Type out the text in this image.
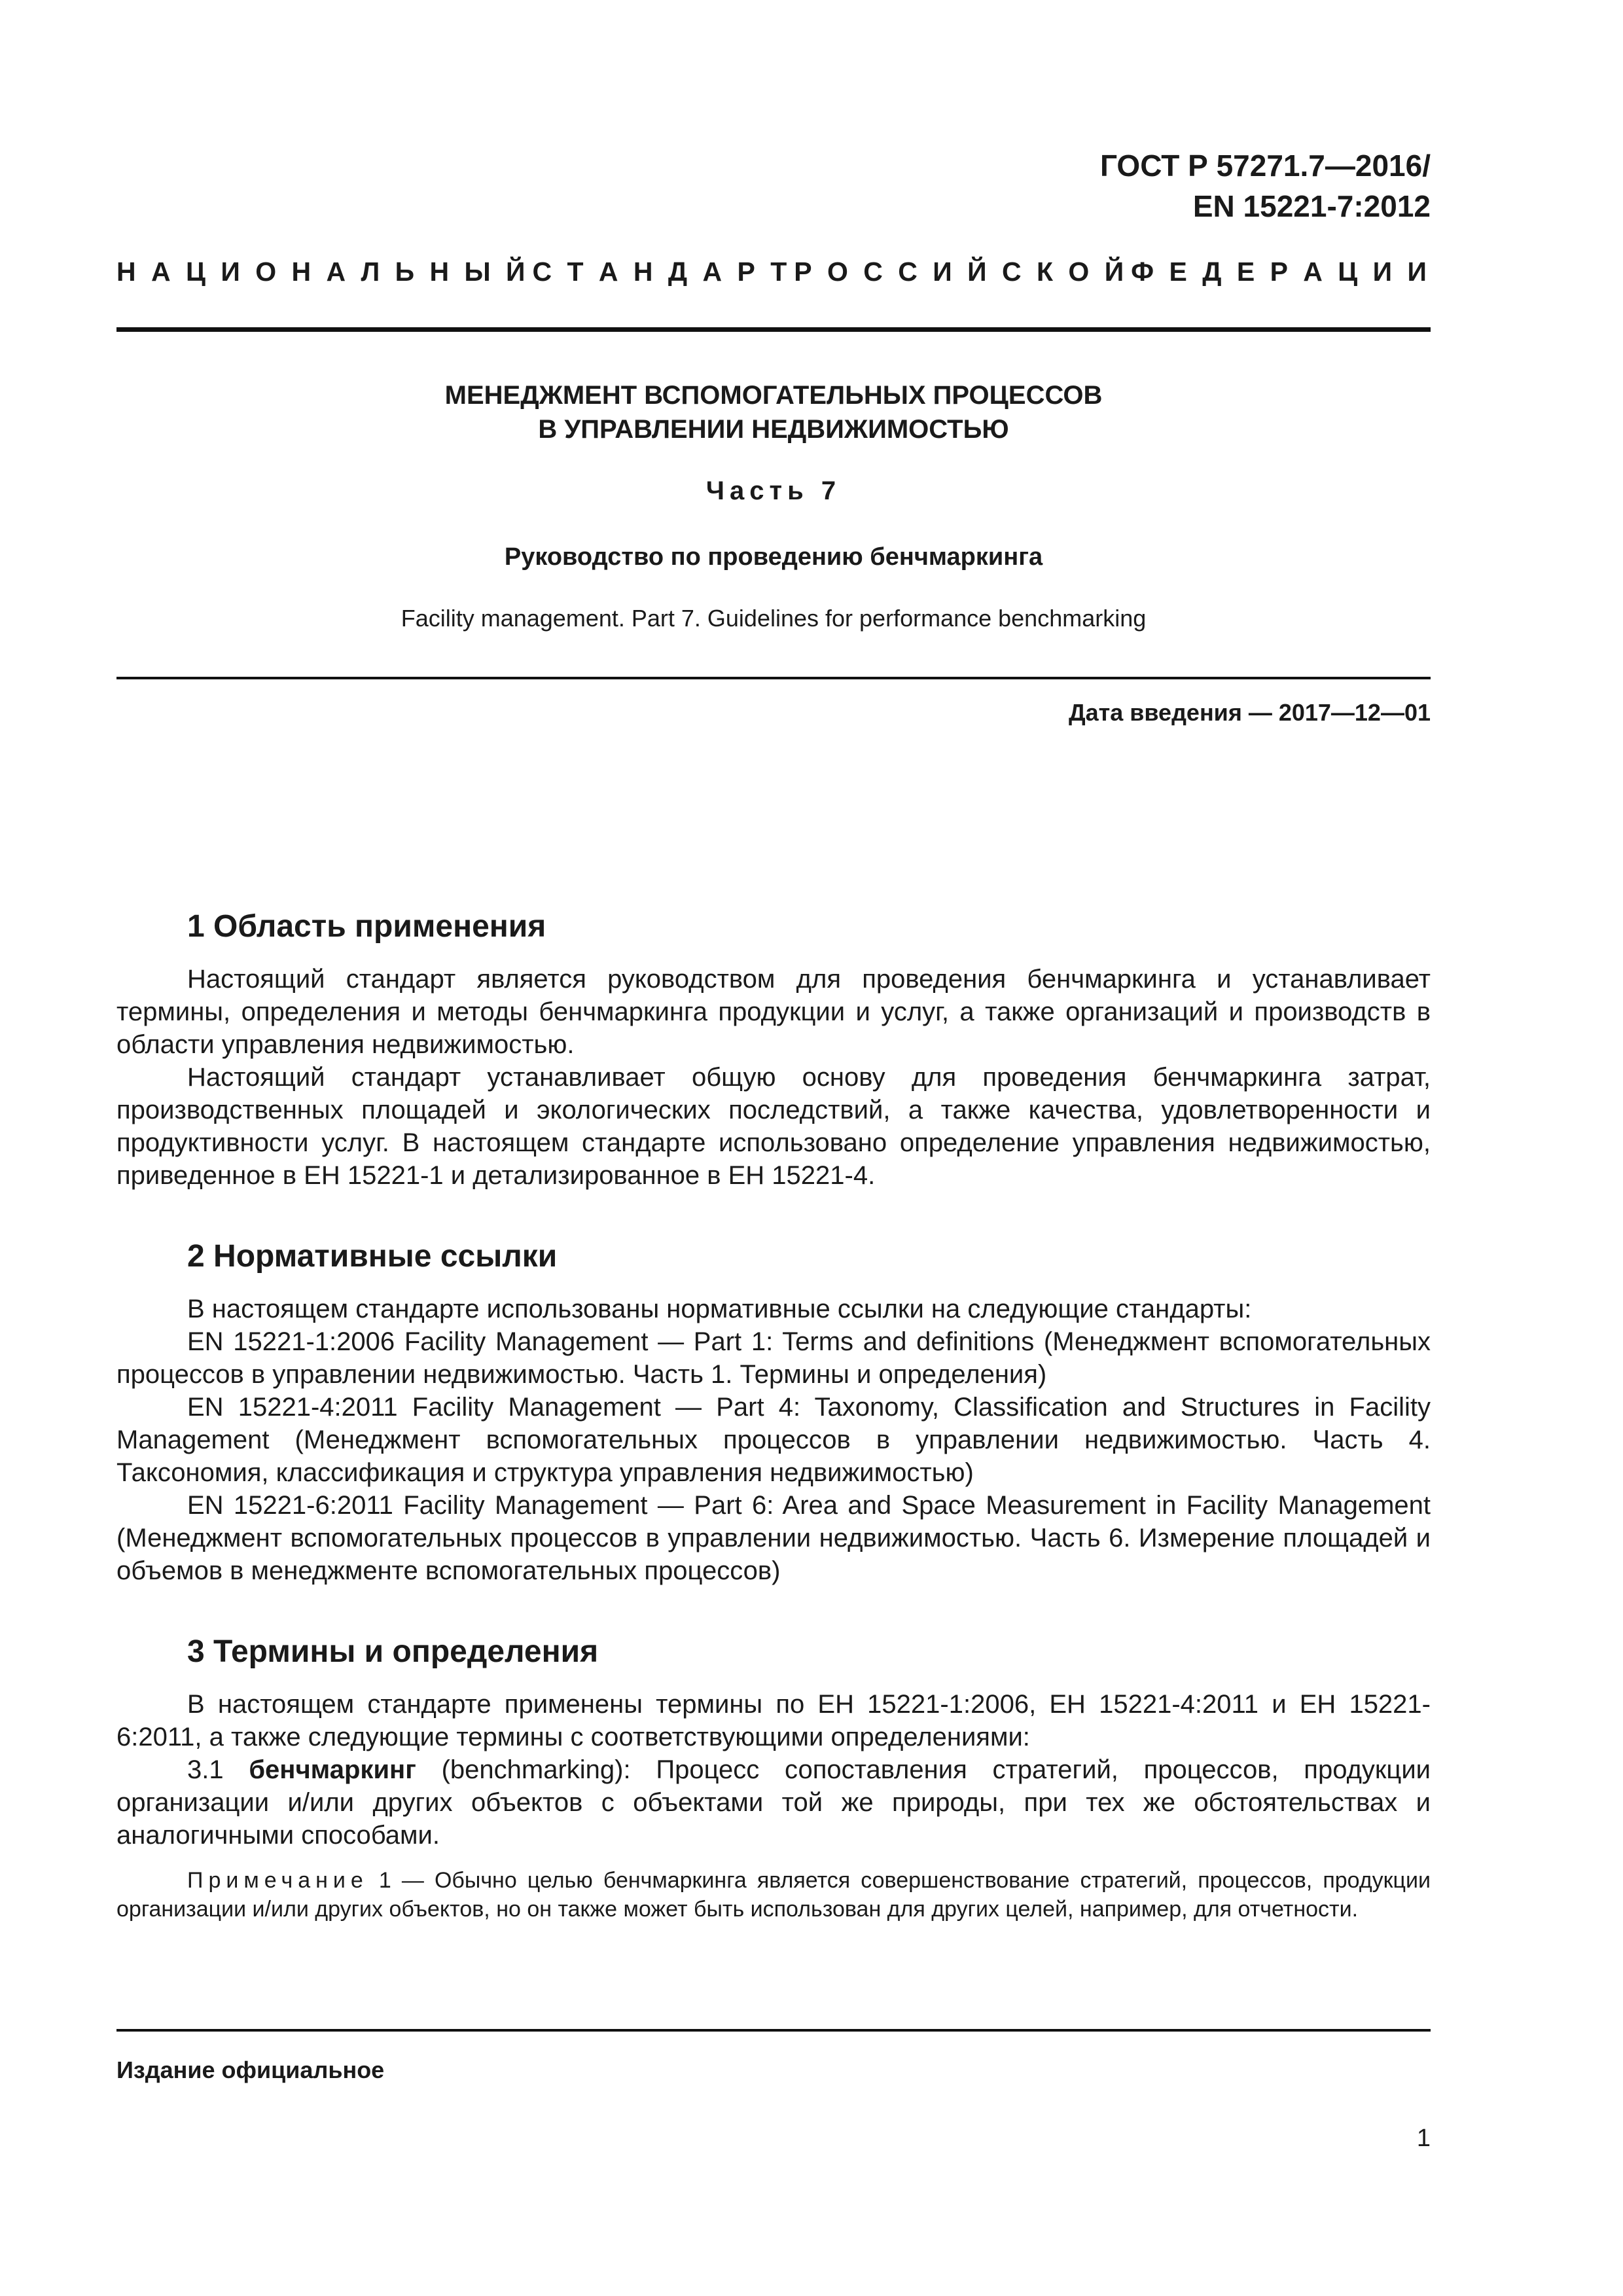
ГОСТ Р 57271.7—2016/
EN 15221-7:2012
Н А Ц И О Н А Л Ь Н Ы Й С Т А Н Д А Р Т Р О С С И Й С К О Й Ф Е Д Е Р А Ц И И

МЕНЕДЖМЕНТ ВСПОМОГАТЕЛЬНЫХ ПРОЦЕССОВ

В УПРАВЛЕНИИ НЕДВИЖИМОСТЬЮ

Часть 7

Руководство по проведению бенчмаркинга

Facility management. Part 7. Guidelines for performance benchmarking

Дата введения — 2017—12—01
1 Область применения

Настоящий стандарт является руководством для проведения бенчмаркинга и устанавливает термины, определения и методы бенчмаркинга продукции и услуг, а также организаций и производств в области управления недвижимостью.

Настоящий стандарт устанавливает общую основу для проведения бенчмаркинга затрат, производственных площадей и экологических последствий, а также качества, удовлетворенности и продуктивности услуг. В настоящем стандарте использовано определение управления недвижимостью, приведенное в ЕН 15221-1 и детализированное в ЕН 15221-4.

2 Нормативные ссылки

В настоящем стандарте использованы нормативные ссылки на следующие стандарты:

EN 15221-1:2006 Facility Management — Part 1: Terms and definitions (Менеджмент вспомогательных процессов в управлении недвижимостью. Часть 1. Термины и определения)

EN 15221-4:2011 Facility Management — Part 4: Taxonomy, Classification and Structures in Facility Management (Менеджмент вспомогательных процессов в управлении недвижимостью. Часть 4. Таксономия, классификация и структура управления недвижимостью)

EN 15221-6:2011 Facility Management — Part 6: Area and Space Measurement in Facility Management (Менеджмент вспомогательных процессов в управлении недвижимостью. Часть 6. Измерение площадей и объемов в менеджменте вспомогательных процессов)

3 Термины и определения

В настоящем стандарте применены термины по ЕН 15221-1:2006, ЕН 15221-4:2011 и ЕН 15221-6:2011, а также следующие термины с соответствующими определениями:

3.1 бенчмаркинг (benchmarking): Процесс сопоставления стратегий, процессов, продукции организации и/или других объектов с объектами той же природы, при тех же обстоятельствах и аналогичными способами.

Примечание 1 — Обычно целью бенчмаркинга является совершенствование стратегий, процессов, продукции организации и/или других объектов, но он также может быть использован для других целей, например, для отчетности.

Издание официальное
1
